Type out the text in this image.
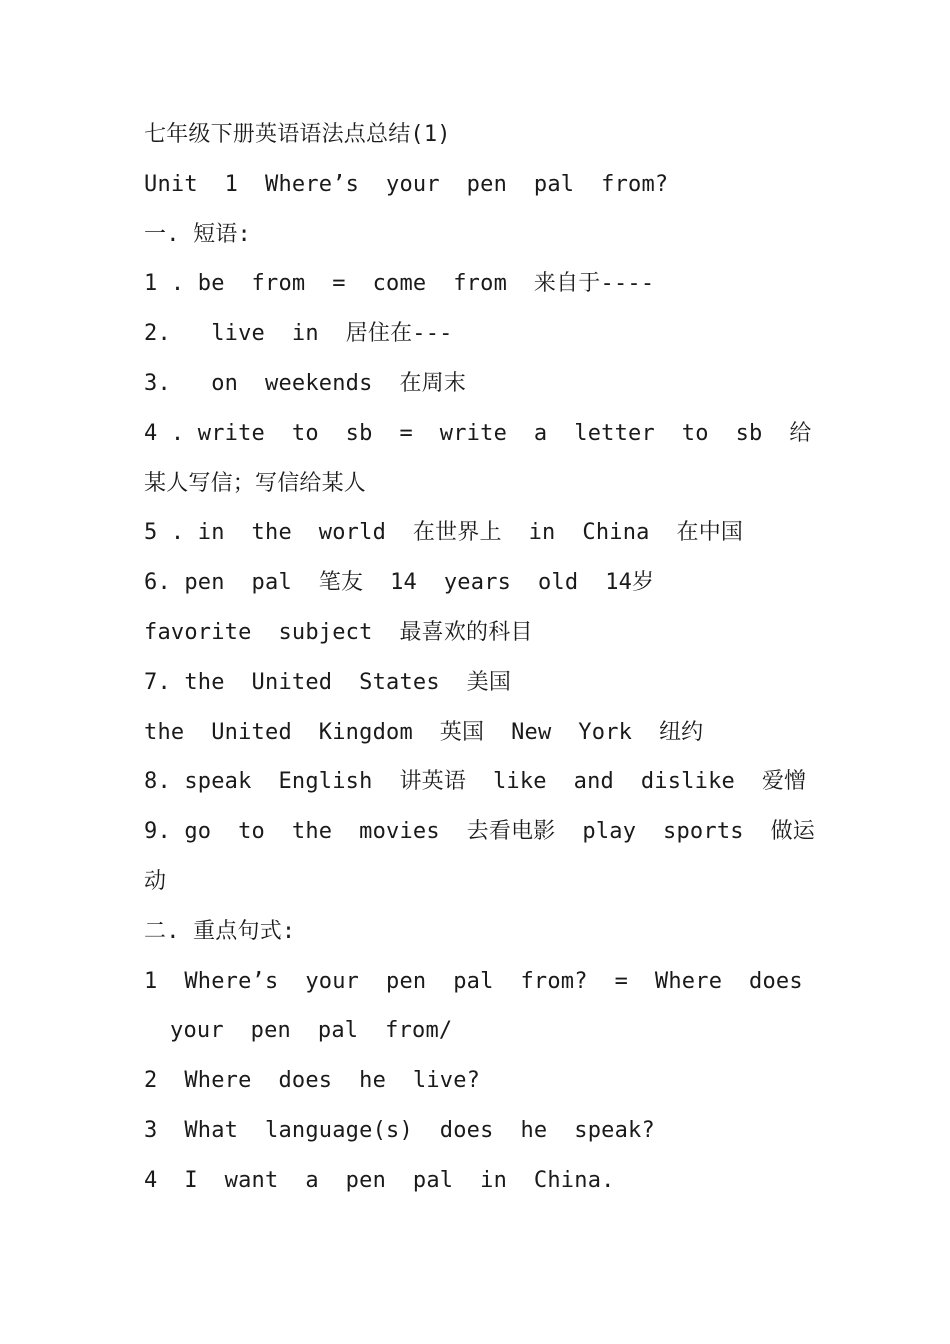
七年级下册英语语法点总结(1)
Unit  1  Where’s  your  pen  pal  from?
一. 短语:
1 . be  from  =  come  from  来自于----
2.   live  in  居住在---
3.   on  weekends  在周末
4 . write  to  sb  =  write  a  letter  to  sb  给
某人写信；写信给某人
5 . in  the  world  在世界上  in  China  在中国
6. pen  pal  笔友  14  years  old  14岁
favorite  subject  最喜欢的科目
7. the  United  States  美国
the  United  Kingdom  英国  New  York  纽约
8. speak  English  讲英语  like  and  dislike  爱憎
9. go  to  the  movies  去看电影  play  sports  做运
动
二. 重点句式:
1  Where’s  your  pen  pal  from?  =  Where  does
your  pen  pal  from/
2  Where  does  he  live?
3  What  language(s)  does  he  speak?
4  I  want  a  pen  pal  in  China.
